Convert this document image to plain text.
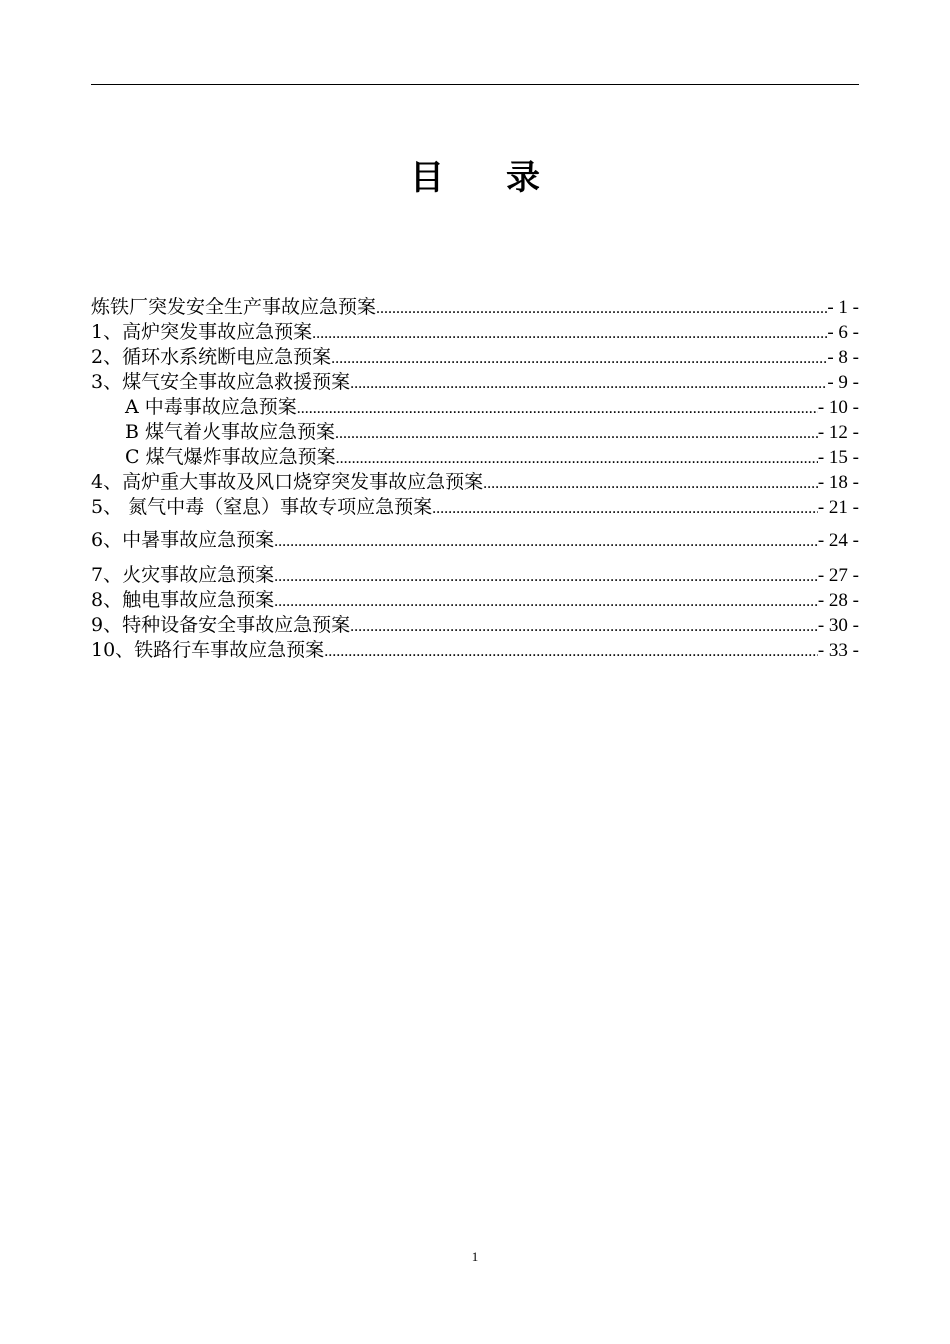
目 录
炼铁厂突发安全生产事故应急预案 .....	- 1 -
1、高炉突发事故应急预案 .....	- 6 -
2、循环水系统断电应急预案 .....	- 8 -
3、煤气安全事故应急救援预案 .....	- 9 -
A 中毒事故应急预案 .....	- 10 -
B 煤气着火事故应急预案 .....	- 12 -
C 煤气爆炸事故应急预案 .....	- 15 -
4、高炉重大事故及风口烧穿突发事故应急预案 .....	- 18 -
5、 氮气中毒（窒息）事故专项应急预案 .....	- 21 -
6、中暑事故应急预案 .....	- 24 -
7、火灾事故应急预案 .....	- 27 -
8、触电事故应急预案 .....	- 28 -
9、特种设备安全事故应急预案 .....	- 30 -
10、铁路行车事故应急预案 .....	- 33 -
1
